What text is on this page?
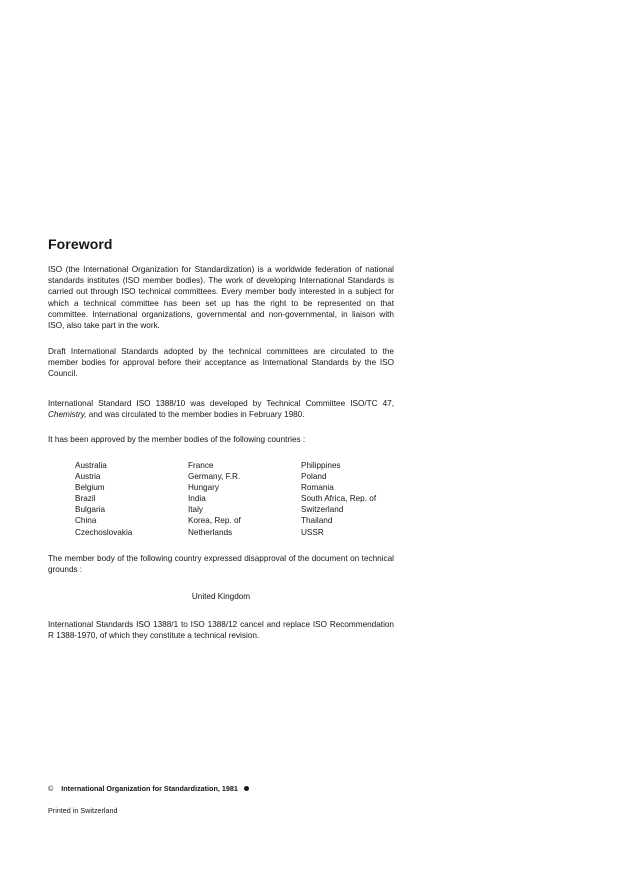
Foreword

ISO (the International Organization for Standardization) is a worldwide federation of national standards institutes (ISO member bodies). The work of developing International Standards is carried out through ISO technical committees. Every member body interested in a subject for which a technical committee has been set up has the right to be represented on that committee. International organizations, governmental and non-governmental, in liaison with ISO, also take part in the work.

Draft International Standards adopted by the technical committees are circulated to the member bodies for approval before their acceptance as International Standards by the ISO Council.

International Standard ISO 1388/10 was developed by Technical Committee ISO/TC 47, Chemistry, and was circulated to the member bodies in February 1980.

It has been approved by the member bodies of the following countries :

Australia
Austria
Belgium
Brazil
Bulgaria
China
Czechoslovakia
France
Germany, F.R.
Hungary
India
Italy
Korea, Rep. of
Netherlands
Philippines
Poland
Romania
South Africa, Rep. of
Switzerland
Thailand
USSR

The member body of the following country expressed disapproval of the document on technical grounds :

United Kingdom

International Standards ISO 1388/1 to ISO 1388/12 cancel and replace ISO Recommendation R 1388-1970, of which they constitute a technical revision.

© International Organization for Standardization, 1981
Printed in Switzerland
